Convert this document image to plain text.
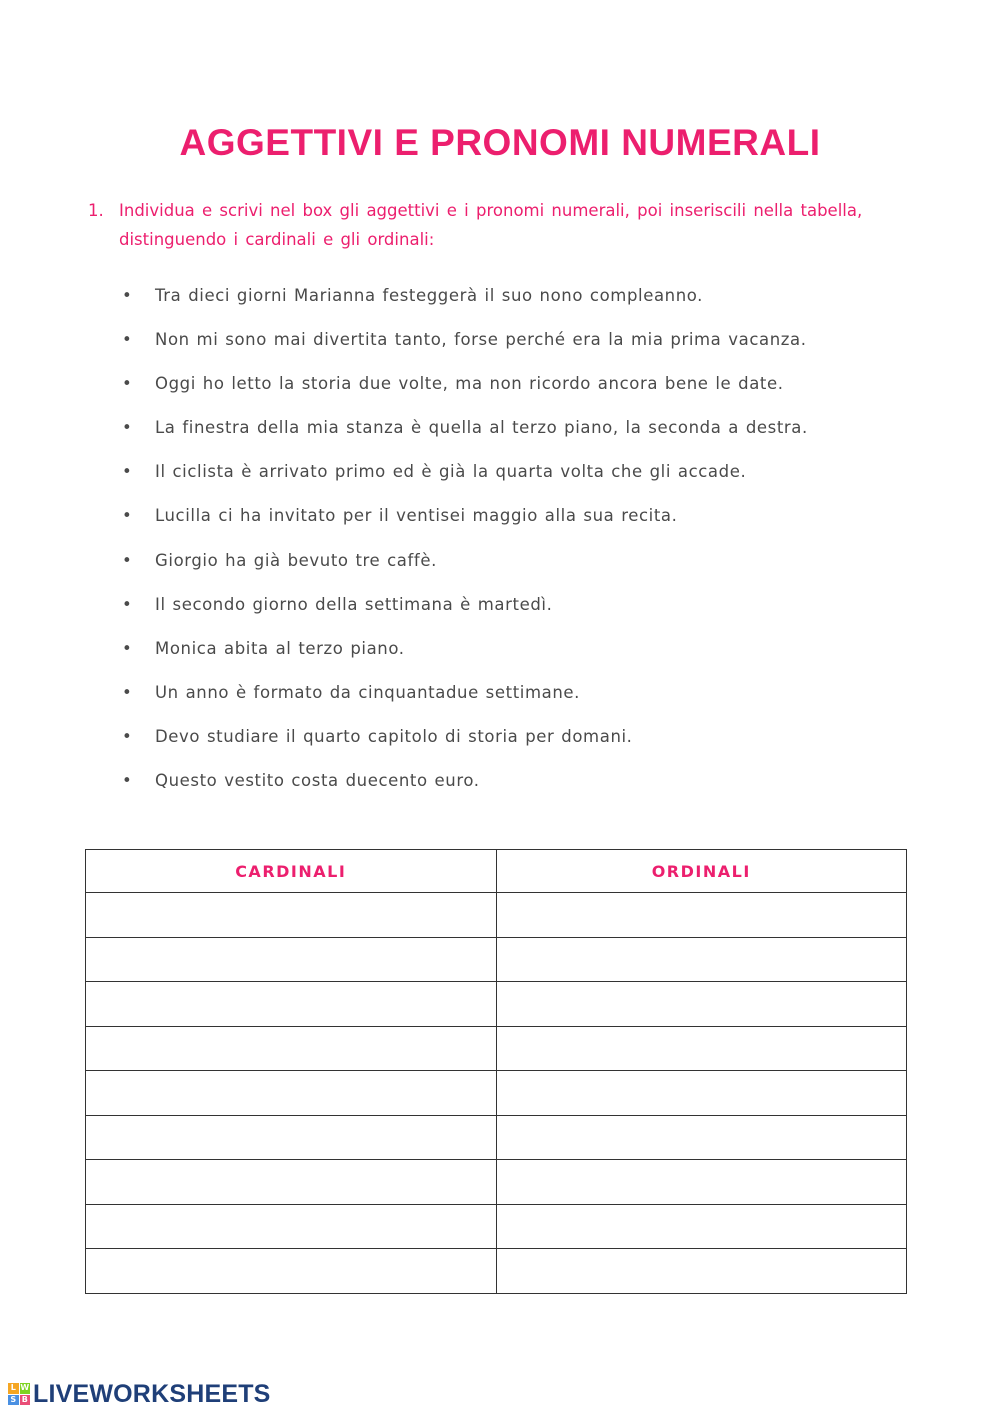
AGGETTIVI E PRONOMI NUMERALI
1. Individua e scrivi nel box gli aggettivi e i pronomi numerali, poi inseriscili nella tabella, distinguendo i cardinali e gli ordinali:
• Tra dieci giorni Marianna festeggerà il suo nono compleanno.
• Non mi sono mai divertita tanto, forse perché era la mia prima vacanza.
• Oggi ho letto la storia due volte, ma non ricordo ancora bene le date.
• La finestra della mia stanza è quella al terzo piano, la seconda a destra.
• Il ciclista è arrivato primo ed è già la quarta volta che gli accade.
• Lucilla ci ha invitato per il ventisei maggio alla sua recita.
• Giorgio ha già bevuto tre caffè.
• Il secondo giorno della settimana è martedì.
• Monica abita al terzo piano.
• Un anno è formato da cinquantadue settimane.
• Devo studiare il quarto capitolo di storia per domani.
• Questo vestito costa duecento euro.
CARDINALI	ORDINALI

L W
S B LIVEWORKSHEETS
